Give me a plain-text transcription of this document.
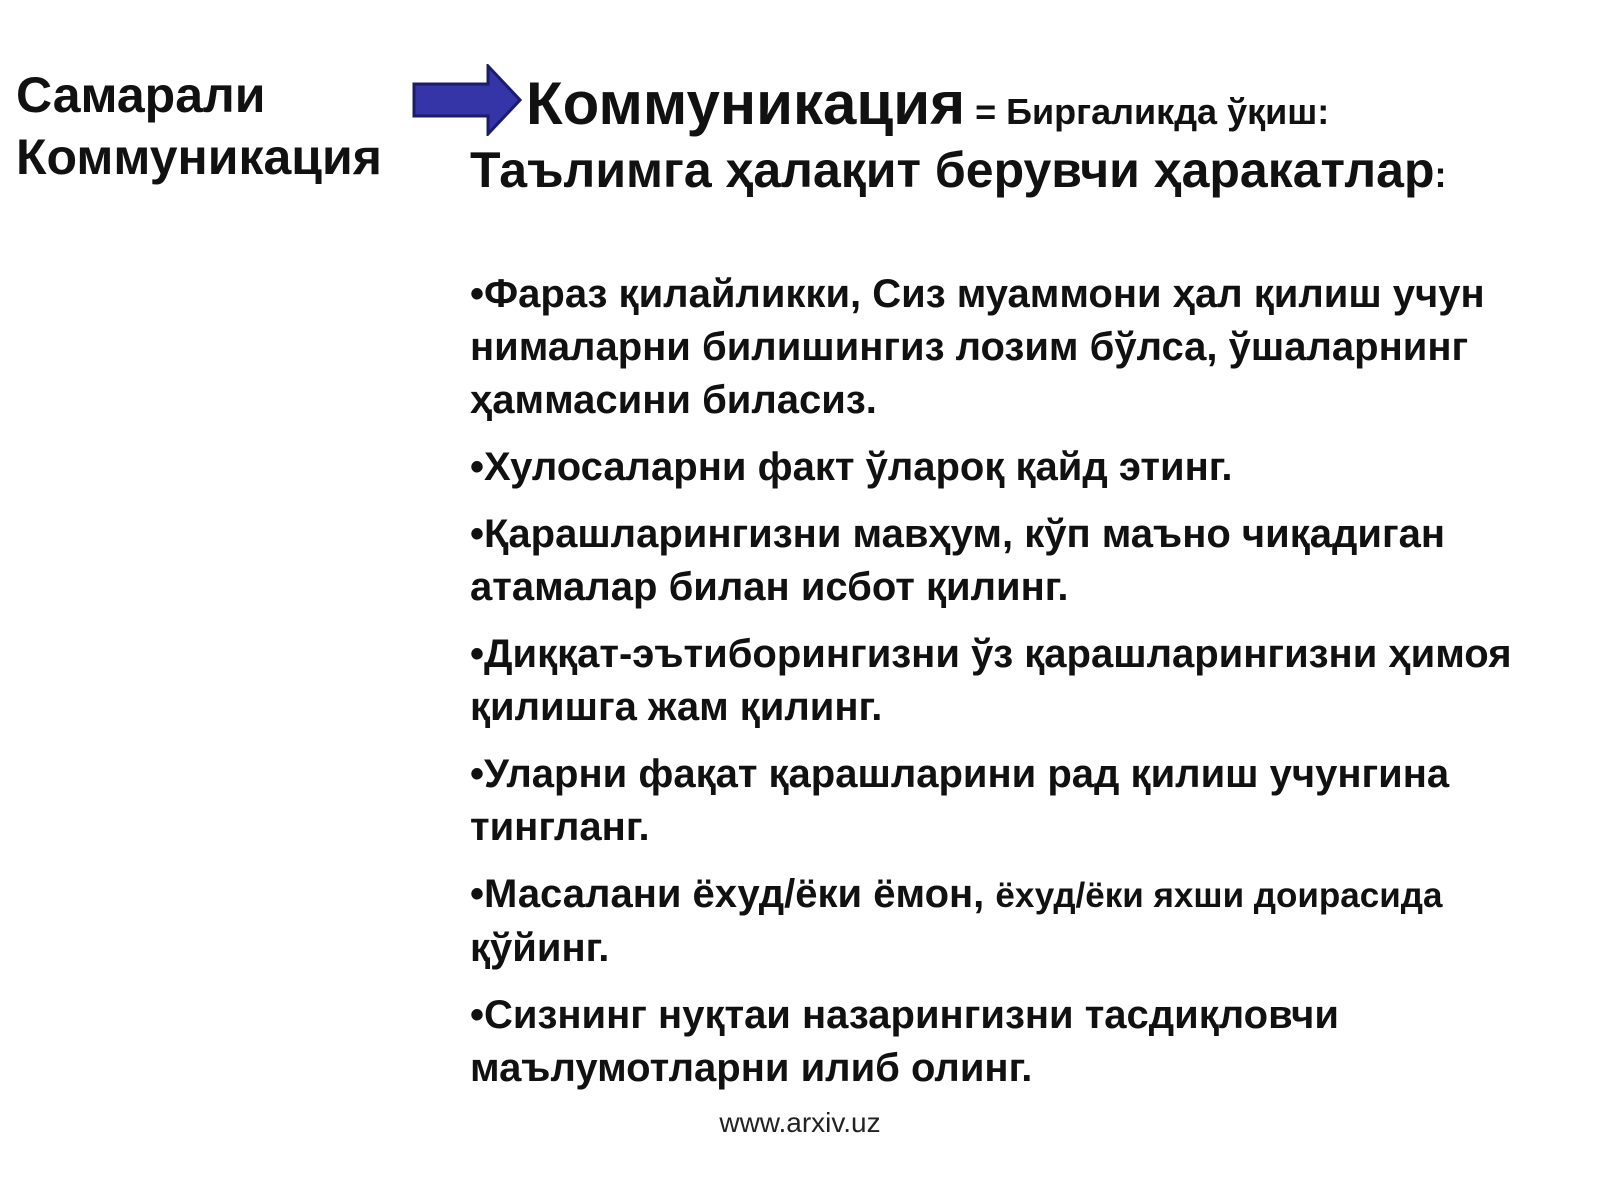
Самарали
Коммуникация
Коммуникация = Биргаликда ўқиш:
Таълимга ҳалақит берувчи ҳаракатлар:
•Фараз қилайликки, Сиз муаммони ҳал қилиш учун нималарни билишингиз лозим бўлса, ўшаларнинг ҳаммасини биласиз.
•Хулосаларни факт ўлароқ қайд этинг.
•Қарашларингизни мавҳум, кўп маъно чиқадиган атамалар билан исбот қилинг.
•Диққат-эътиборингизни ўз қарашларингизни ҳимоя қилишга жам қилинг.
•Уларни фақат қарашларини рад қилиш учунгина тингланг.
•Масалани ёхуд/ёки ёмон, ёхуд/ёки яхши доирасида қўйинг.
•Сизнинг нуқтаи назарингизни тасдиқловчи маълумотларни илиб олинг.

www.arxiv.uz
